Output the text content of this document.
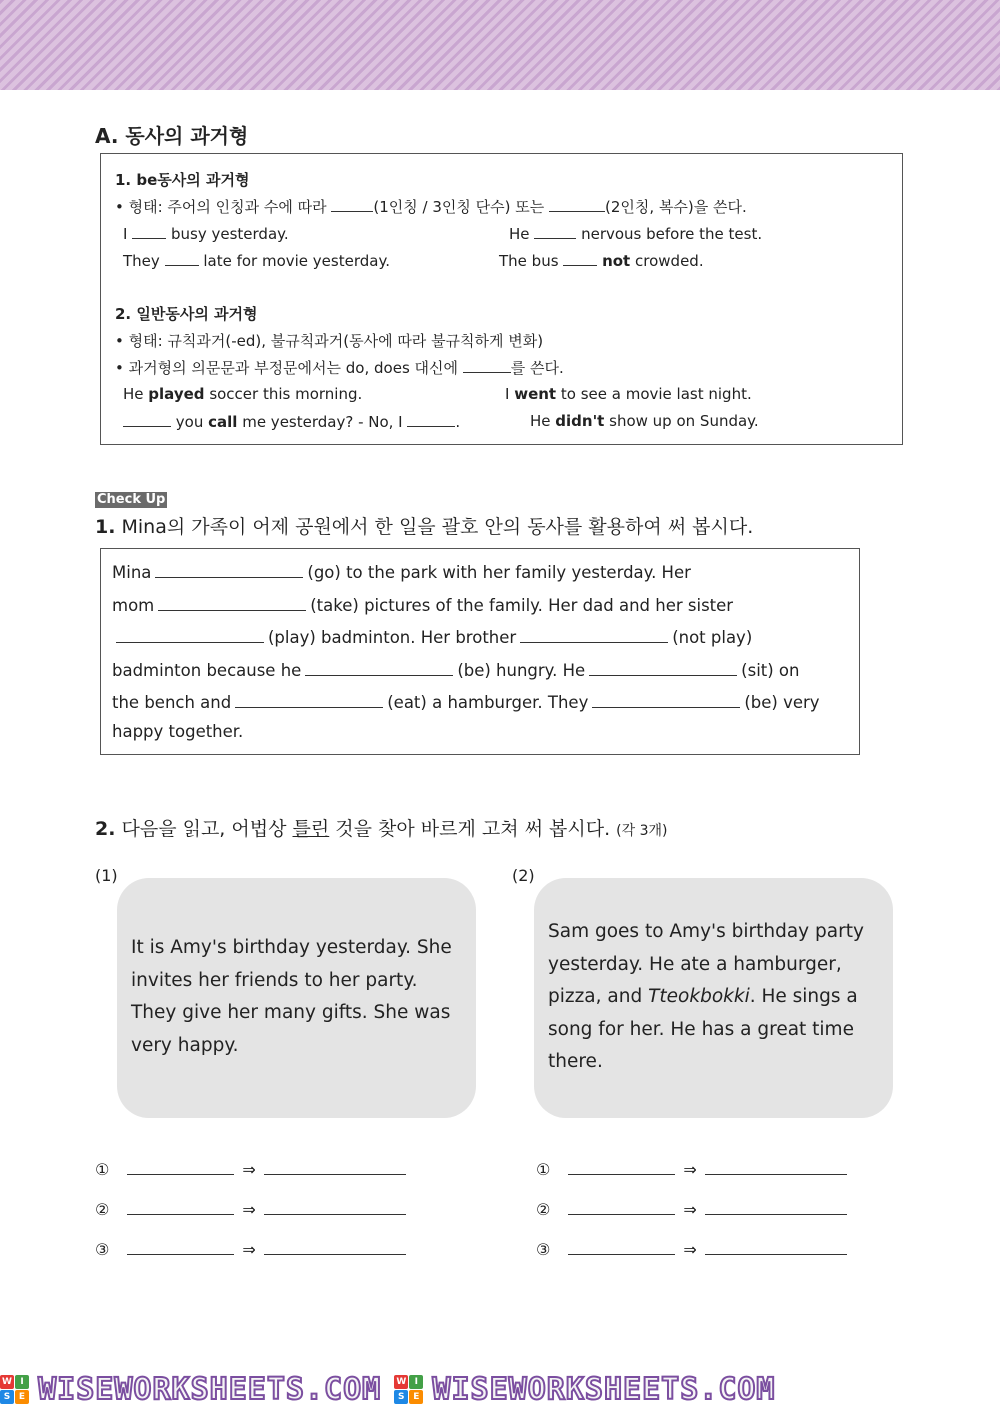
A. 동사의 과거형
1. be동사의 과거형
• 형태: 주어의 인칭과 수에 따라	(1인칭 / 3인칭 단수) 또는	(2인칭, 복수)을 쓴다.
I	busy yesterday.	He	nervous before the test.
They	late for movie yesterday.	The bus	not crowded.
2. 일반동사의 과거형
• 형태: 규칙과거(-ed), 불규칙과거(동사에 따라 불규칙하게 변화)
• 과거형의 의문문과 부정문에서는 do, does 대신에	를 쓴다.
He played soccer this morning.	I went to see a movie last night.
you call me yesterday? - No, I	.	He didn't show up on Sunday.
Check Up
1. Mina의 가족이 어제 공원에서 한 일을 괄호 안의 동사를 활용하여 써 봅시다.
Mina	(go) to the park with her family yesterday. Her
mom	(take) pictures of the family. Her dad and her sister
(play) badminton. Her brother	(not play)
badminton because he	(be) hungry. He	(sit) on
the bench and	(eat) a hamburger. They	(be) very
happy together.
2. 다음을 읽고, 어법상 틀린 것을 찾아 바르게 고쳐 써 봅시다. (각 3개)
(1)	(2)
It is Amy's birthday yesterday. She invites her friends to her party. They give her many gifts. She was very happy.
Sam goes to Amy's birthday party yesterday. He ate a hamburger, pizza, and Tteokbokki. He sings a song for her. He has a great time there.
①	⇒
②	⇒
③	⇒
①	⇒
②	⇒
③	⇒
W I
S E WISEWORKSHEETS.COM W I
S E WISEWORKSHEETS.COM
